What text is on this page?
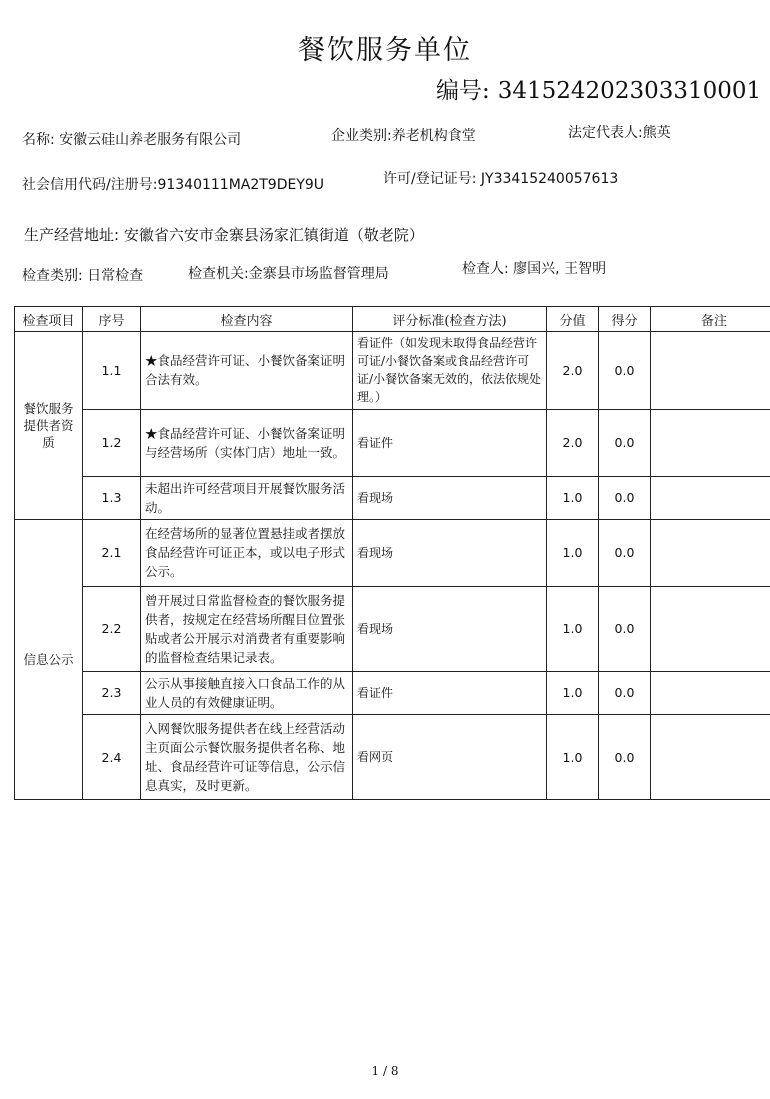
餐饮服务单位
编号: 341524202303310001
名称: 安徽云硅山养老服务有限公司	企业类别:养老机构食堂	法定代表人:熊英
社会信用代码/注册号:91340111MA2T9DEY9U	许可/登记证号: JY33415240057613
生产经营地址: 安徽省六安市金寨县汤家汇镇街道（敬老院）
检查类别: 日常检查	检查机关:金寨县市场监督管理局	检查人: 廖国兴, 王智明
检查项目	序号	检查内容	评分标准(检查方法)	分值	得分	备注
餐饮服务提供者资质	1.1	★食品经营许可证、小餐饮备案证明合法有效。	看证件（如发现未取得食品经营许可证/小餐饮备案或食品经营许可证/小餐饮备案无效的，依法依规处理。）	2.0	0.0	
	1.2	★食品经营许可证、小餐饮备案证明与经营场所（实体门店）地址一致。	看证件	2.0	0.0	
	1.3	未超出许可经营项目开展餐饮服务活动。	看现场	1.0	0.0	
信息公示	2.1	在经营场所的显著位置悬挂或者摆放食品经营许可证正本，或以电子形式公示。	看现场	1.0	0.0	
	2.2	曾开展过日常监督检查的餐饮服务提供者，按规定在经营场所醒目位置张贴或者公开展示对消费者有重要影响的监督检查结果记录表。	看现场	1.0	0.0	
	2.3	公示从事接触直接入口食品工作的从业人员的有效健康证明。	看证件	1.0	0.0	
	2.4	入网餐饮服务提供者在线上经营活动主页面公示餐饮服务提供者名称、地址、食品经营许可证等信息，公示信息真实，及时更新。	看网页	1.0	0.0	
1 / 8
